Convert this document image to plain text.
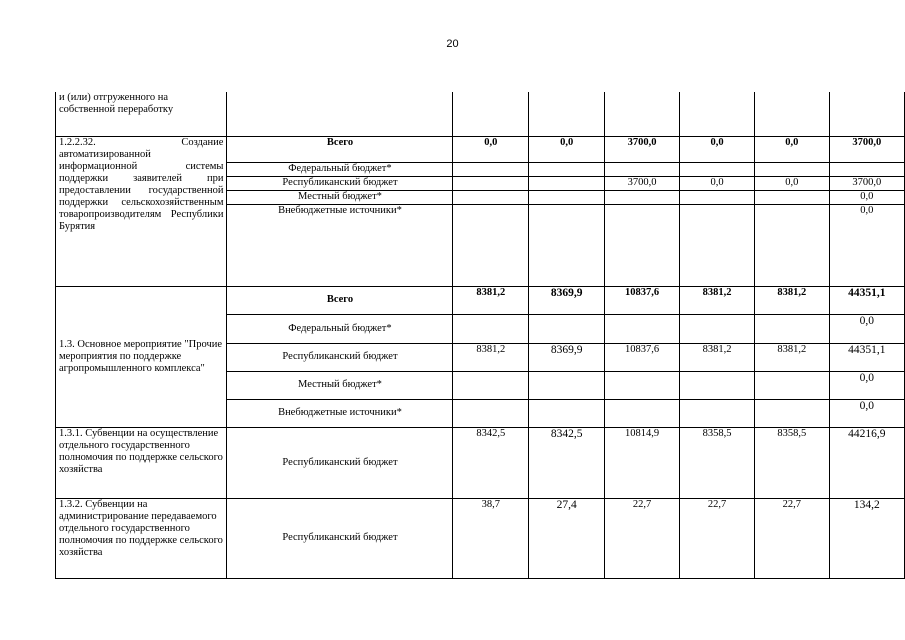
20
и (или) отгруженного на собственной переработку							
1.2.2.32. Создание автоматизированной информационной системы поддержки заявителей при предоставлении государственной поддержки сельскохозяйственным товаропроизводителям Республики Бурятия	Всего	0,0	0,0	3700,0	0,0	0,0	3700,0
	Федеральный бюджет*						
	Республиканский бюджет			3700,0	0,0	0,0	3700,0
	Местный бюджет*						0,0
	Внебюджетные источники*						0,0
1.3. Основное мероприятие "Прочие мероприятия по поддержке агропромышленного комплекса"	Всего	8381,2	8369,9	10837,6	8381,2	8381,2	44351,1
	Федеральный бюджет*						0,0
	Республиканский бюджет	8381,2	8369,9	10837,6	8381,2	8381,2	44351,1
	Местный бюджет*						0,0
	Внебюджетные источники*						0,0
1.3.1. Субвенции на осуществление отдельного государственного полномочия по поддержке сельского хозяйства	Республиканский бюджет	8342,5	8342,5	10814,9	8358,5	8358,5	44216,9
1.3.2. Субвенции на администрирование передаваемого отдельного государственного полномочия по поддержке сельского хозяйства	Республиканский бюджет	38,7	27,4	22,7	22,7	22,7	134,2
